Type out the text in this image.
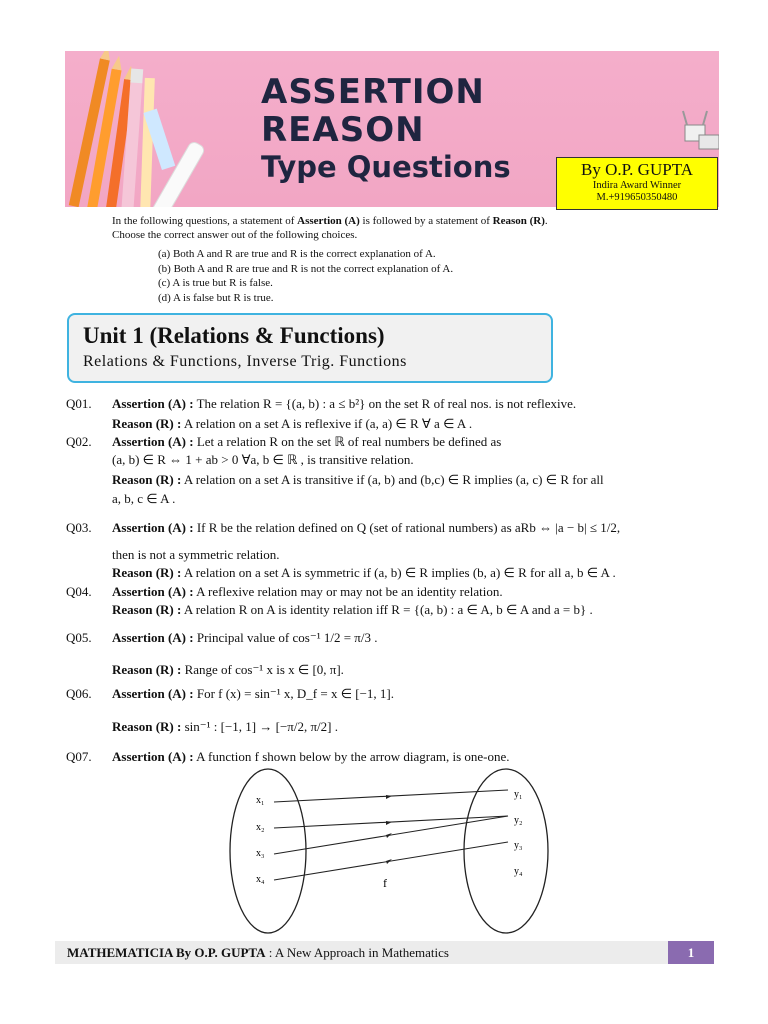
ASSERTION
REASON
Type Questions	By O.P. GUPTA
Indira Award Winner
M.+919650350480
In the following questions, a statement of Assertion (A) is followed by a statement of Reason (R).
Choose the correct answer out of the following choices.
(a) Both A and R are true and R is the correct explanation of A.
(b) Both A and R are true and R is not the correct explanation of A.
(c) A is true but R is false.
(d) A is false but R is true.
Unit 1 (Relations & Functions)
Relations & Functions, Inverse Trig. Functions
Q01. Assertion (A) : The relation R = {(a, b) : a ≤ b²} on the set R of real nos. is not reflexive.
Reason (R) : A relation on a set A is reflexive if (a, a) ∈ R ∀ a ∈ A .
Q02. Assertion (A) : Let a relation R on the set ℝ of real numbers be defined as
(a, b) ∈ R ⇔ 1 + ab > 0 ∀a, b ∈ ℝ , is transitive relation.
Reason (R) : A relation on a set A is transitive if (a, b) and (b,c) ∈ R implies (a, c) ∈ R for all
a, b, c ∈ A .
Q03. Assertion (A) : If R be the relation defined on Q (set of rational numbers) as aRb ⇔ |a − b| ≤ 1/2,
then is not a symmetric relation.
Reason (R) : A relation on a set A is symmetric if (a, b) ∈ R implies (b, a) ∈ R for all a, b ∈ A .
Q04. Assertion (A) : A reflexive relation may or may not be an identity relation.
Reason (R) : A relation R on A is identity relation iff R = {(a, b) : a ∈ A, b ∈ A and a = b} .
Q05. Assertion (A) : Principal value of cos⁻¹ 1/2 = π/3 .
Reason (R) : Range of cos⁻¹ x is x ∈ [0, π].
Q06. Assertion (A) : For f (x) = sin⁻¹ x, D_f = x ∈ [−1, 1].
Reason (R) : sin⁻¹ : [−1, 1] → [−π/2, π/2] .
Q07. Assertion (A) : A function f shown below by the arrow diagram, is one-one.
x₁
x₂
x₃
x₄
y₁
y₂
y₃
y₄
f
MATHEMATICIA By O.P. GUPTA : A New Approach in Mathematics	1
